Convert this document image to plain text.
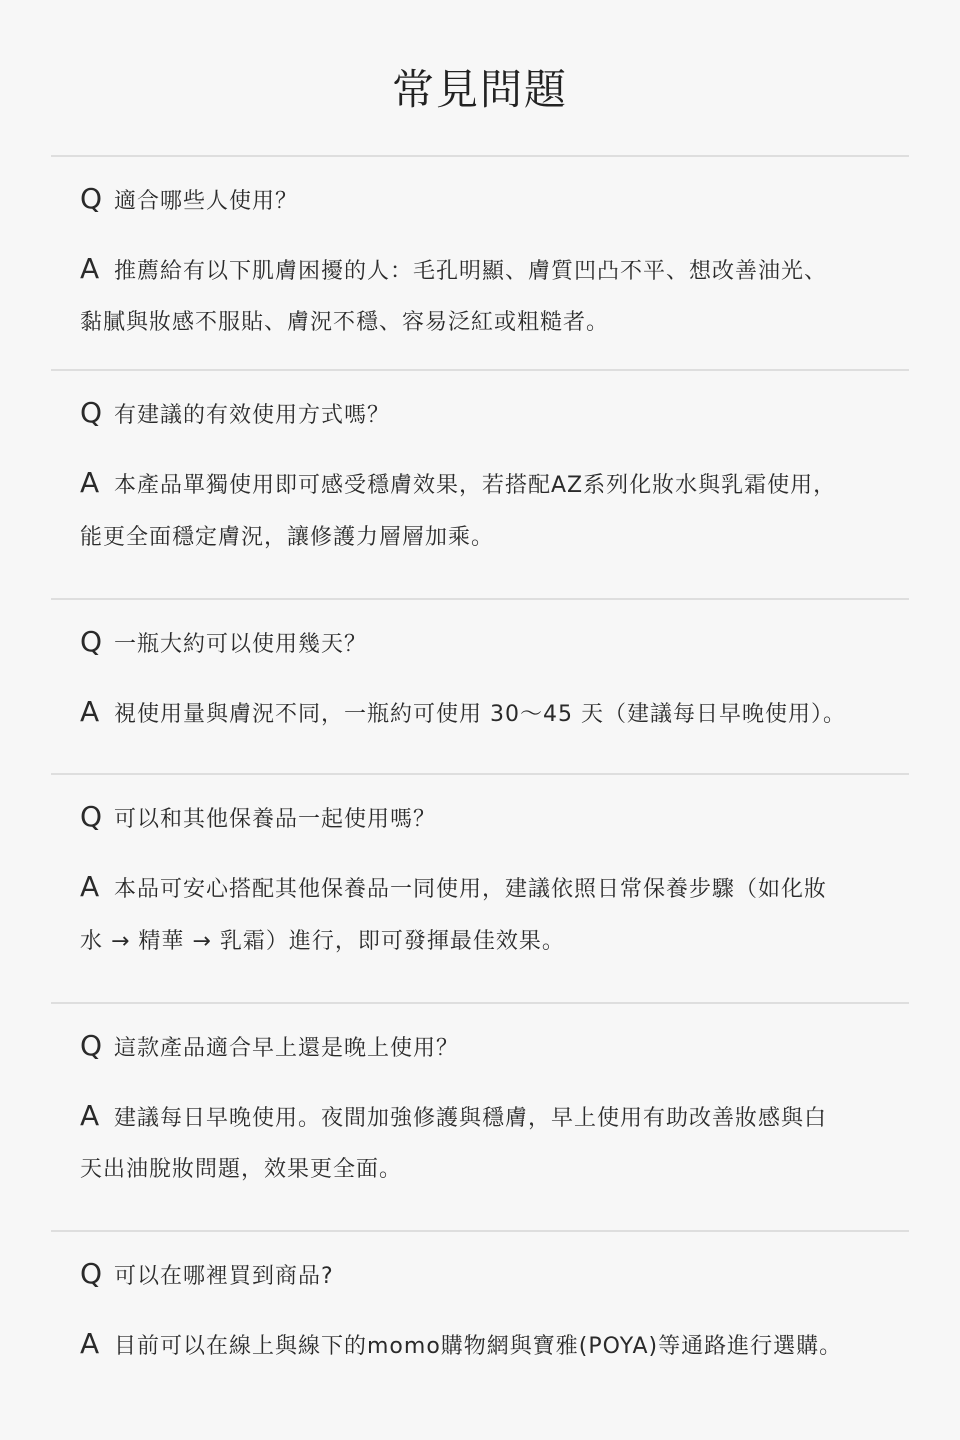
常見問題
Q 適合哪些人使用？
A 推薦給有以下肌膚困擾的人：毛孔明顯、膚質凹凸不平、想改善油光、
黏膩與妝感不服貼、膚況不穩、容易泛紅或粗糙者。
Q 有建議的有效使用方式嗎？
A 本產品單獨使用即可感受穩膚效果，若搭配AZ系列化妝水與乳霜使用，
能更全面穩定膚況，讓修護力層層加乘。
Q 一瓶大約可以使用幾天？
A 視使用量與膚況不同，一瓶約可使用 30～45 天（建議每日早晚使用）。
Q 可以和其他保養品一起使用嗎？
A 本品可安心搭配其他保養品一同使用，建議依照日常保養步驟（如化妝
水 → 精華 → 乳霜）進行，即可發揮最佳效果。
Q 這款產品適合早上還是晚上使用？
A 建議每日早晚使用。夜間加強修護與穩膚，早上使用有助改善妝感與白
天出油脫妝問題，效果更全面。
Q 可以在哪裡買到商品?
A 目前可以在線上與線下的momo購物網與寶雅(POYA)等通路進行選購。
